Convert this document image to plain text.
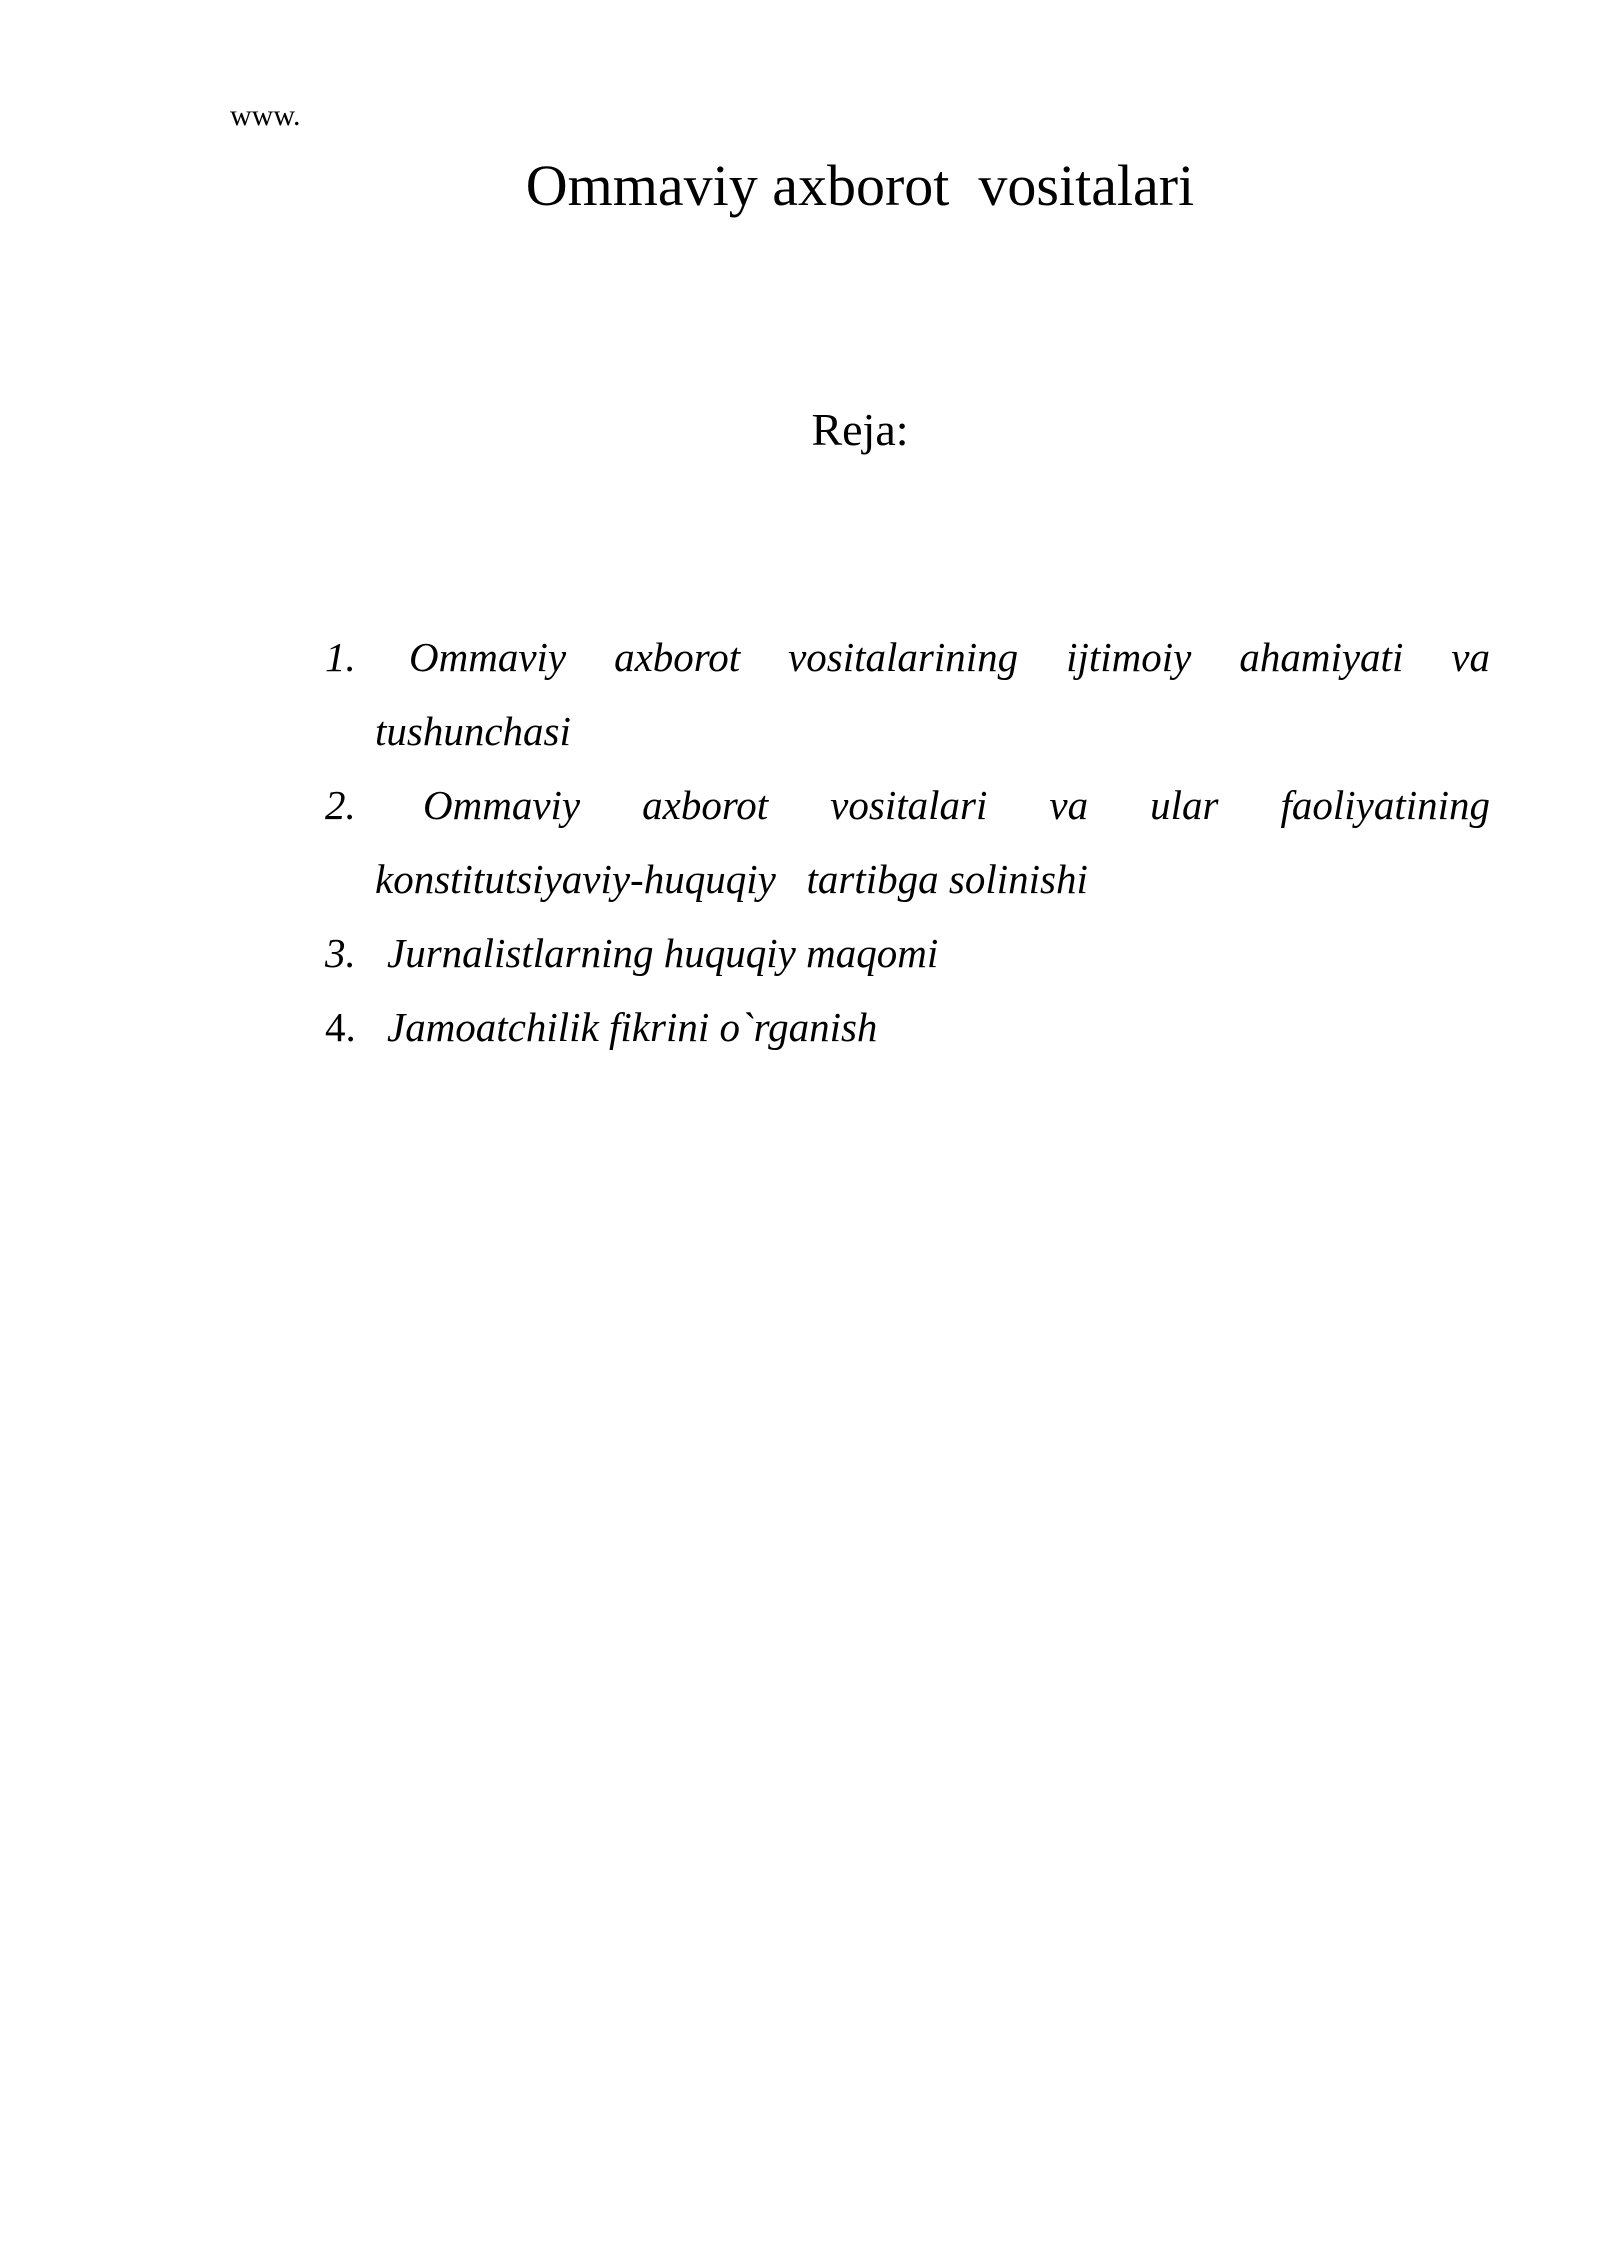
www.
Ommaviy axborot  vositalari
Reja:
1. Ommaviy axborot vositalarining ijtimoiy ahamiyati va
tushunchasi
2. Ommaviy axborot vositalari va ular faoliyatining
konstitutsiyaviy-huquqiy   tartibga solinishi
3. Jurnalistlarning huquqiy maqomi
4. Jamoatchilik fikrini o`rganish
